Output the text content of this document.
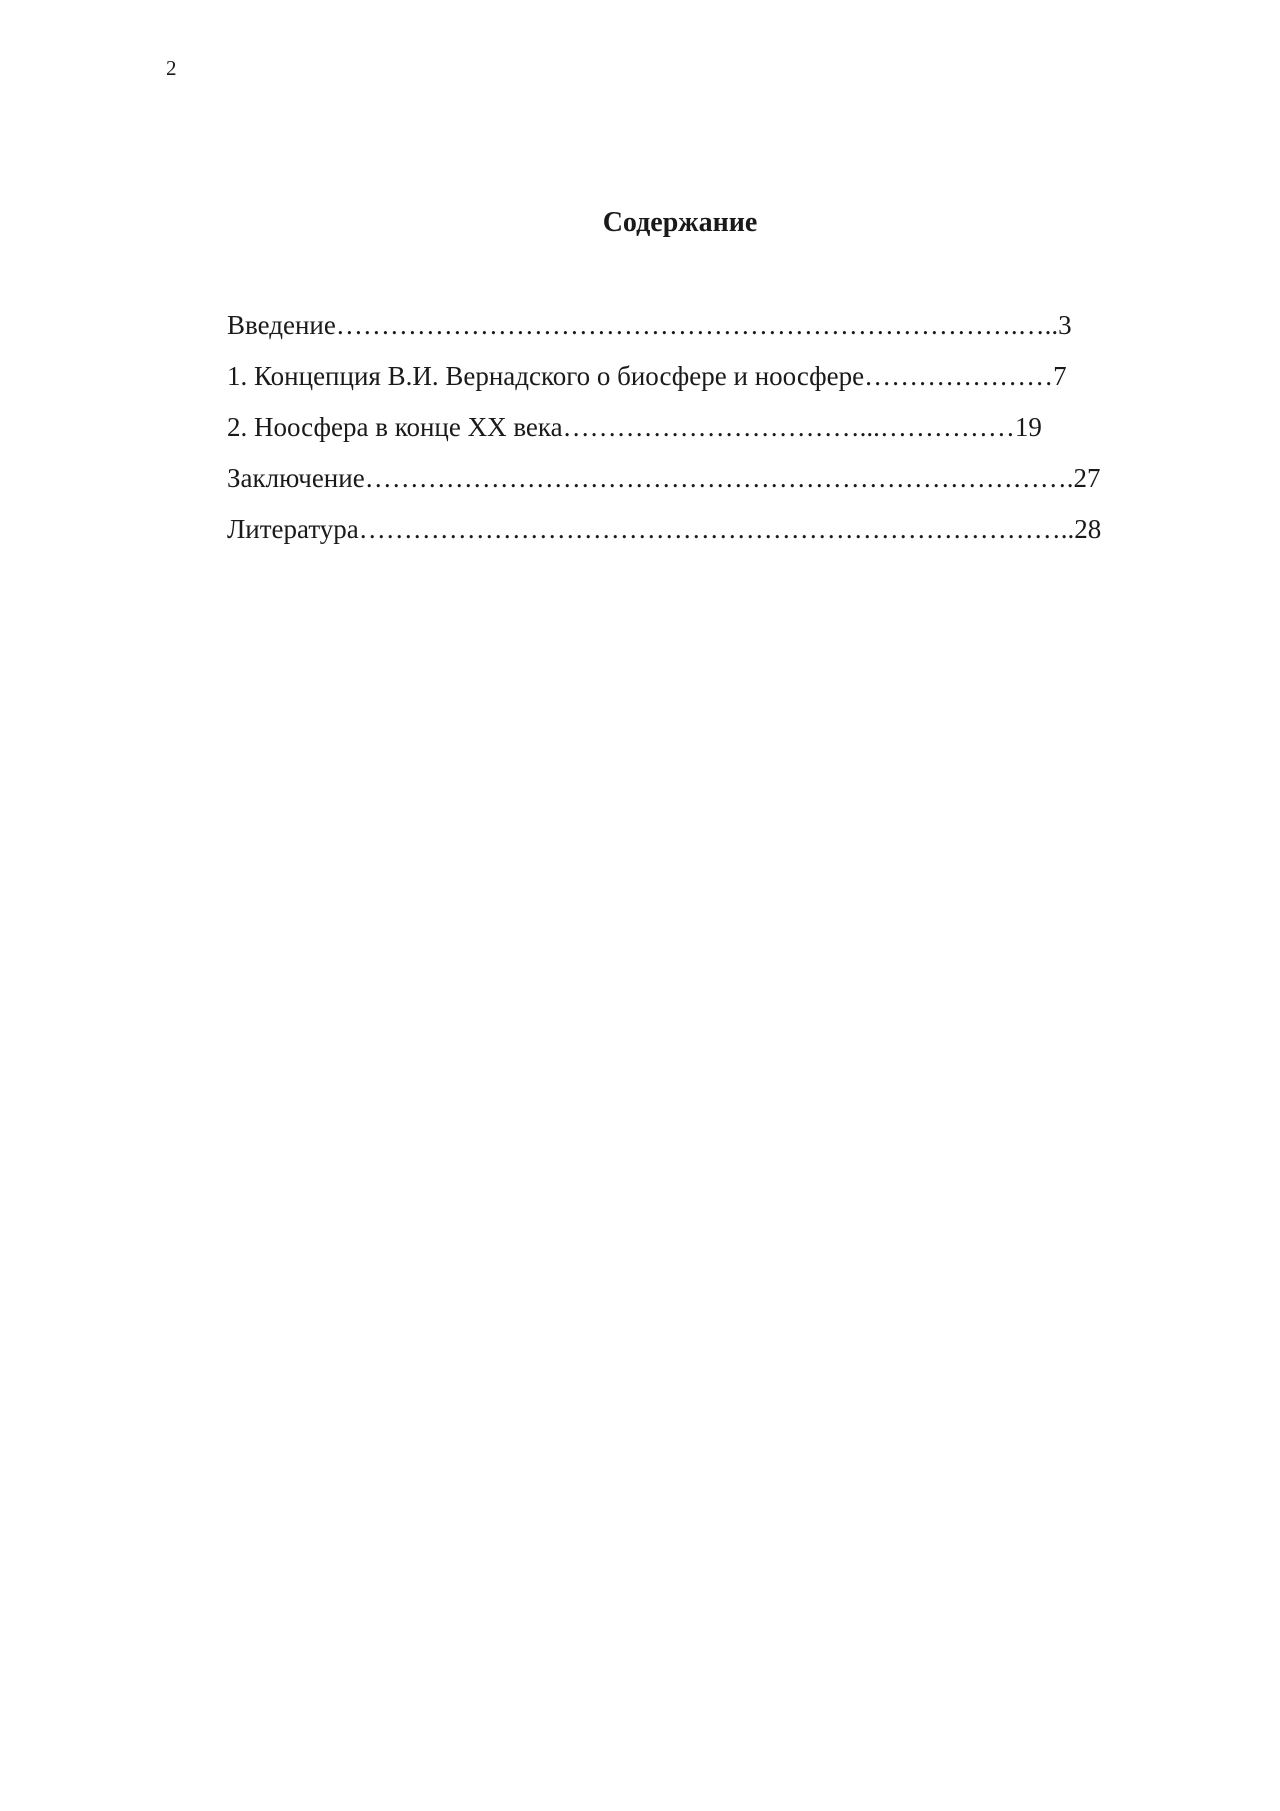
2
Содержание
Введение………………………………………………………………….…..3
1. Концепция В.И. Вернадского о биосфере и ноосфере…………………7
2. Ноосфера в конце XX века……………………………...……………19
Заключение…………………………………………………………………….27
Литература……………………………………………………………………..28
